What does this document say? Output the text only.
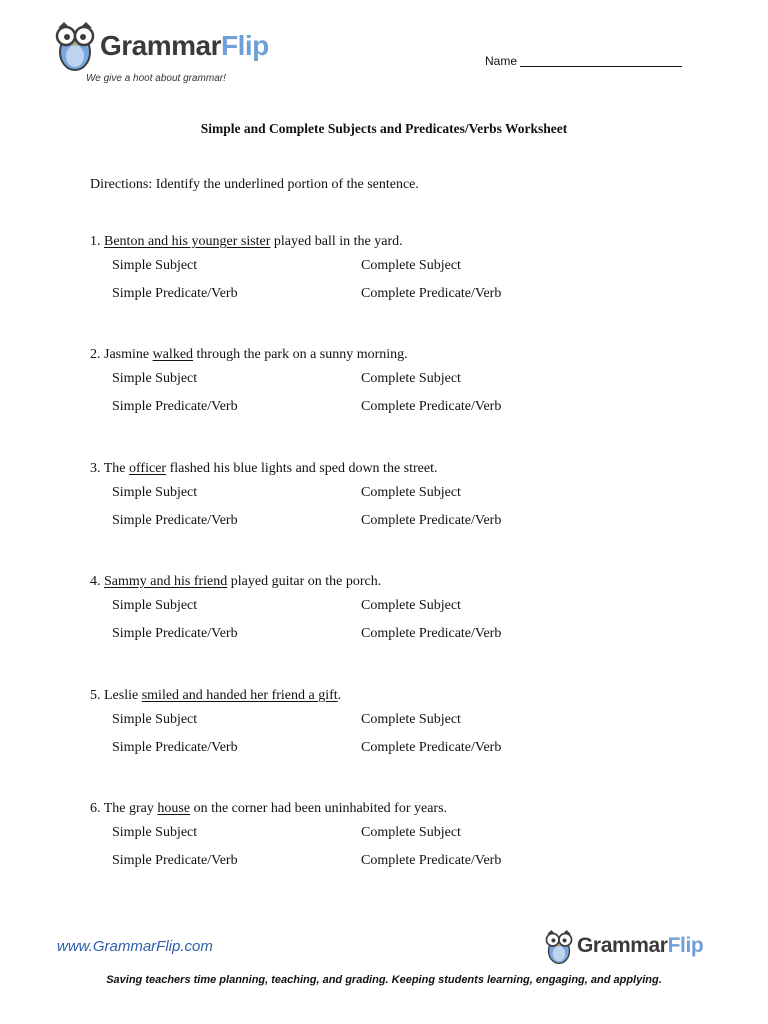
GrammarFlip
We give a hoot about grammar!
Name
Simple and Complete Subjects and Predicates/Verbs Worksheet
Directions: Identify the underlined portion of the sentence.
1. Benton and his younger sister played ball in the yard.
Simple Subject	Complete Subject
Simple Predicate/Verb	Complete Predicate/Verb
2. Jasmine walked through the park on a sunny morning.
Simple Subject	Complete Subject
Simple Predicate/Verb	Complete Predicate/Verb
3. The officer flashed his blue lights and sped down the street.
Simple Subject	Complete Subject
Simple Predicate/Verb	Complete Predicate/Verb
4. Sammy and his friend played guitar on the porch.
Simple Subject	Complete Subject
Simple Predicate/Verb	Complete Predicate/Verb
5. Leslie smiled and handed her friend a gift.
Simple Subject	Complete Subject
Simple Predicate/Verb	Complete Predicate/Verb
6. The gray house on the corner had been uninhabited for years.
Simple Subject	Complete Subject
Simple Predicate/Verb	Complete Predicate/Verb
www.GrammarFlip.com	GrammarFlip
Saving teachers time planning, teaching, and grading. Keeping students learning, engaging, and applying.
